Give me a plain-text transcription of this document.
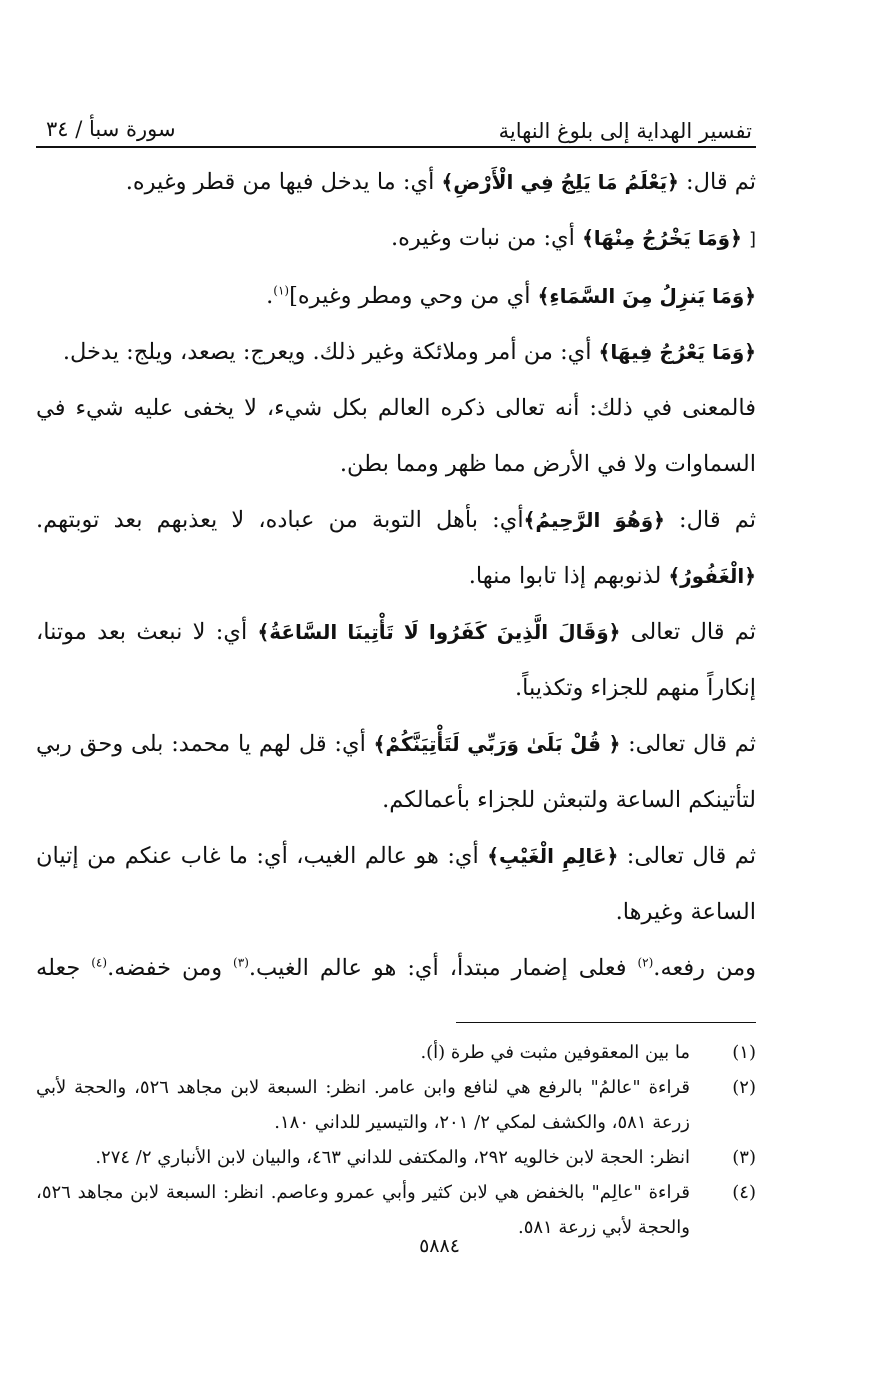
تفسير الهداية إلى بلوغ النهاية
سورة سبأ / ٣٤

ثم قال: ﴿يَعْلَمُ مَا يَلِجُ فِي الْأَرْضِ﴾ أي: ما يدخل فيها من قطر وغيره.

[ ﴿وَمَا يَخْرُجُ مِنْهَا﴾ أي: من نبات وغيره.

﴿وَمَا يَنزِلُ مِنَ السَّمَاءِ﴾ أي من وحي ومطر وغيره]$^{(١)}$.

﴿وَمَا يَعْرُجُ فِيهَا﴾ أي: من أمر وملائكة وغير ذلك. ويعرج: يصعد، ويلج: يدخل.

فالمعنى في ذلك: أنه تعالى ذكره العالم بكل شيء، لا يخفى عليه شيء في السماوات ولا في الأرض مما ظهر ومما بطن.

ثم قال: ﴿وَهُوَ الرَّحِيمُ﴾أي: بأهل التوبة من عباده، لا يعذبهم بعد توبتهم. ﴿الْغَفُورُ﴾ لذنوبهم إذا تابوا منها.

ثم قال تعالى ﴿وَقَالَ الَّذِينَ كَفَرُوا لَا تَأْتِينَا السَّاعَةُ﴾ أي: لا نبعث بعد موتنا، إنكاراً منهم للجزاء وتكذيباً.

ثم قال تعالى: ﴿ قُلْ بَلَىٰ وَرَبِّي لَتَأْتِيَنَّكُمْ﴾ أي: قل لهم يا محمد: بلى وحق ربي لتأتينكم الساعة ولتبعثن للجزاء بأعمالكم.

ثم قال تعالى: ﴿عَالِمِ الْغَيْبِ﴾ أي: هو عالم الغيب، أي: ما غاب عنكم من إتيان الساعة وغيرها.

ومن رفعه.$^{(٢)}$ فعلى إضمار مبتدأ، أي: هو عالم الغيب.$^{(٣)}$ ومن خفضه.$^{(٤)}$ جعله

(١)
ما بين المعقوفين مثبت في طرة (أ).
(٢)
قراءة "عالمُ" بالرفع هي لنافع وابن عامر. انظر: السبعة لابن مجاهد ٥٢٦، والحجة لأبي زرعة ٥٨١، والكشف لمكي ٢/ ٢٠١، والتيسير للداني ١٨٠.
(٣)
انظر: الحجة لابن خالويه ٢٩٢، والمكتفى للداني ٤٦٣، والبيان لابن الأنباري ٢/ ٢٧٤.
(٤)
قراءة "عالِم" بالخفض هي لابن كثير وأبي عمرو وعاصم. انظر: السبعة لابن مجاهد ٥٢٦، والحجة لأبي زرعة ٥٨١.
٥٨٨٤
